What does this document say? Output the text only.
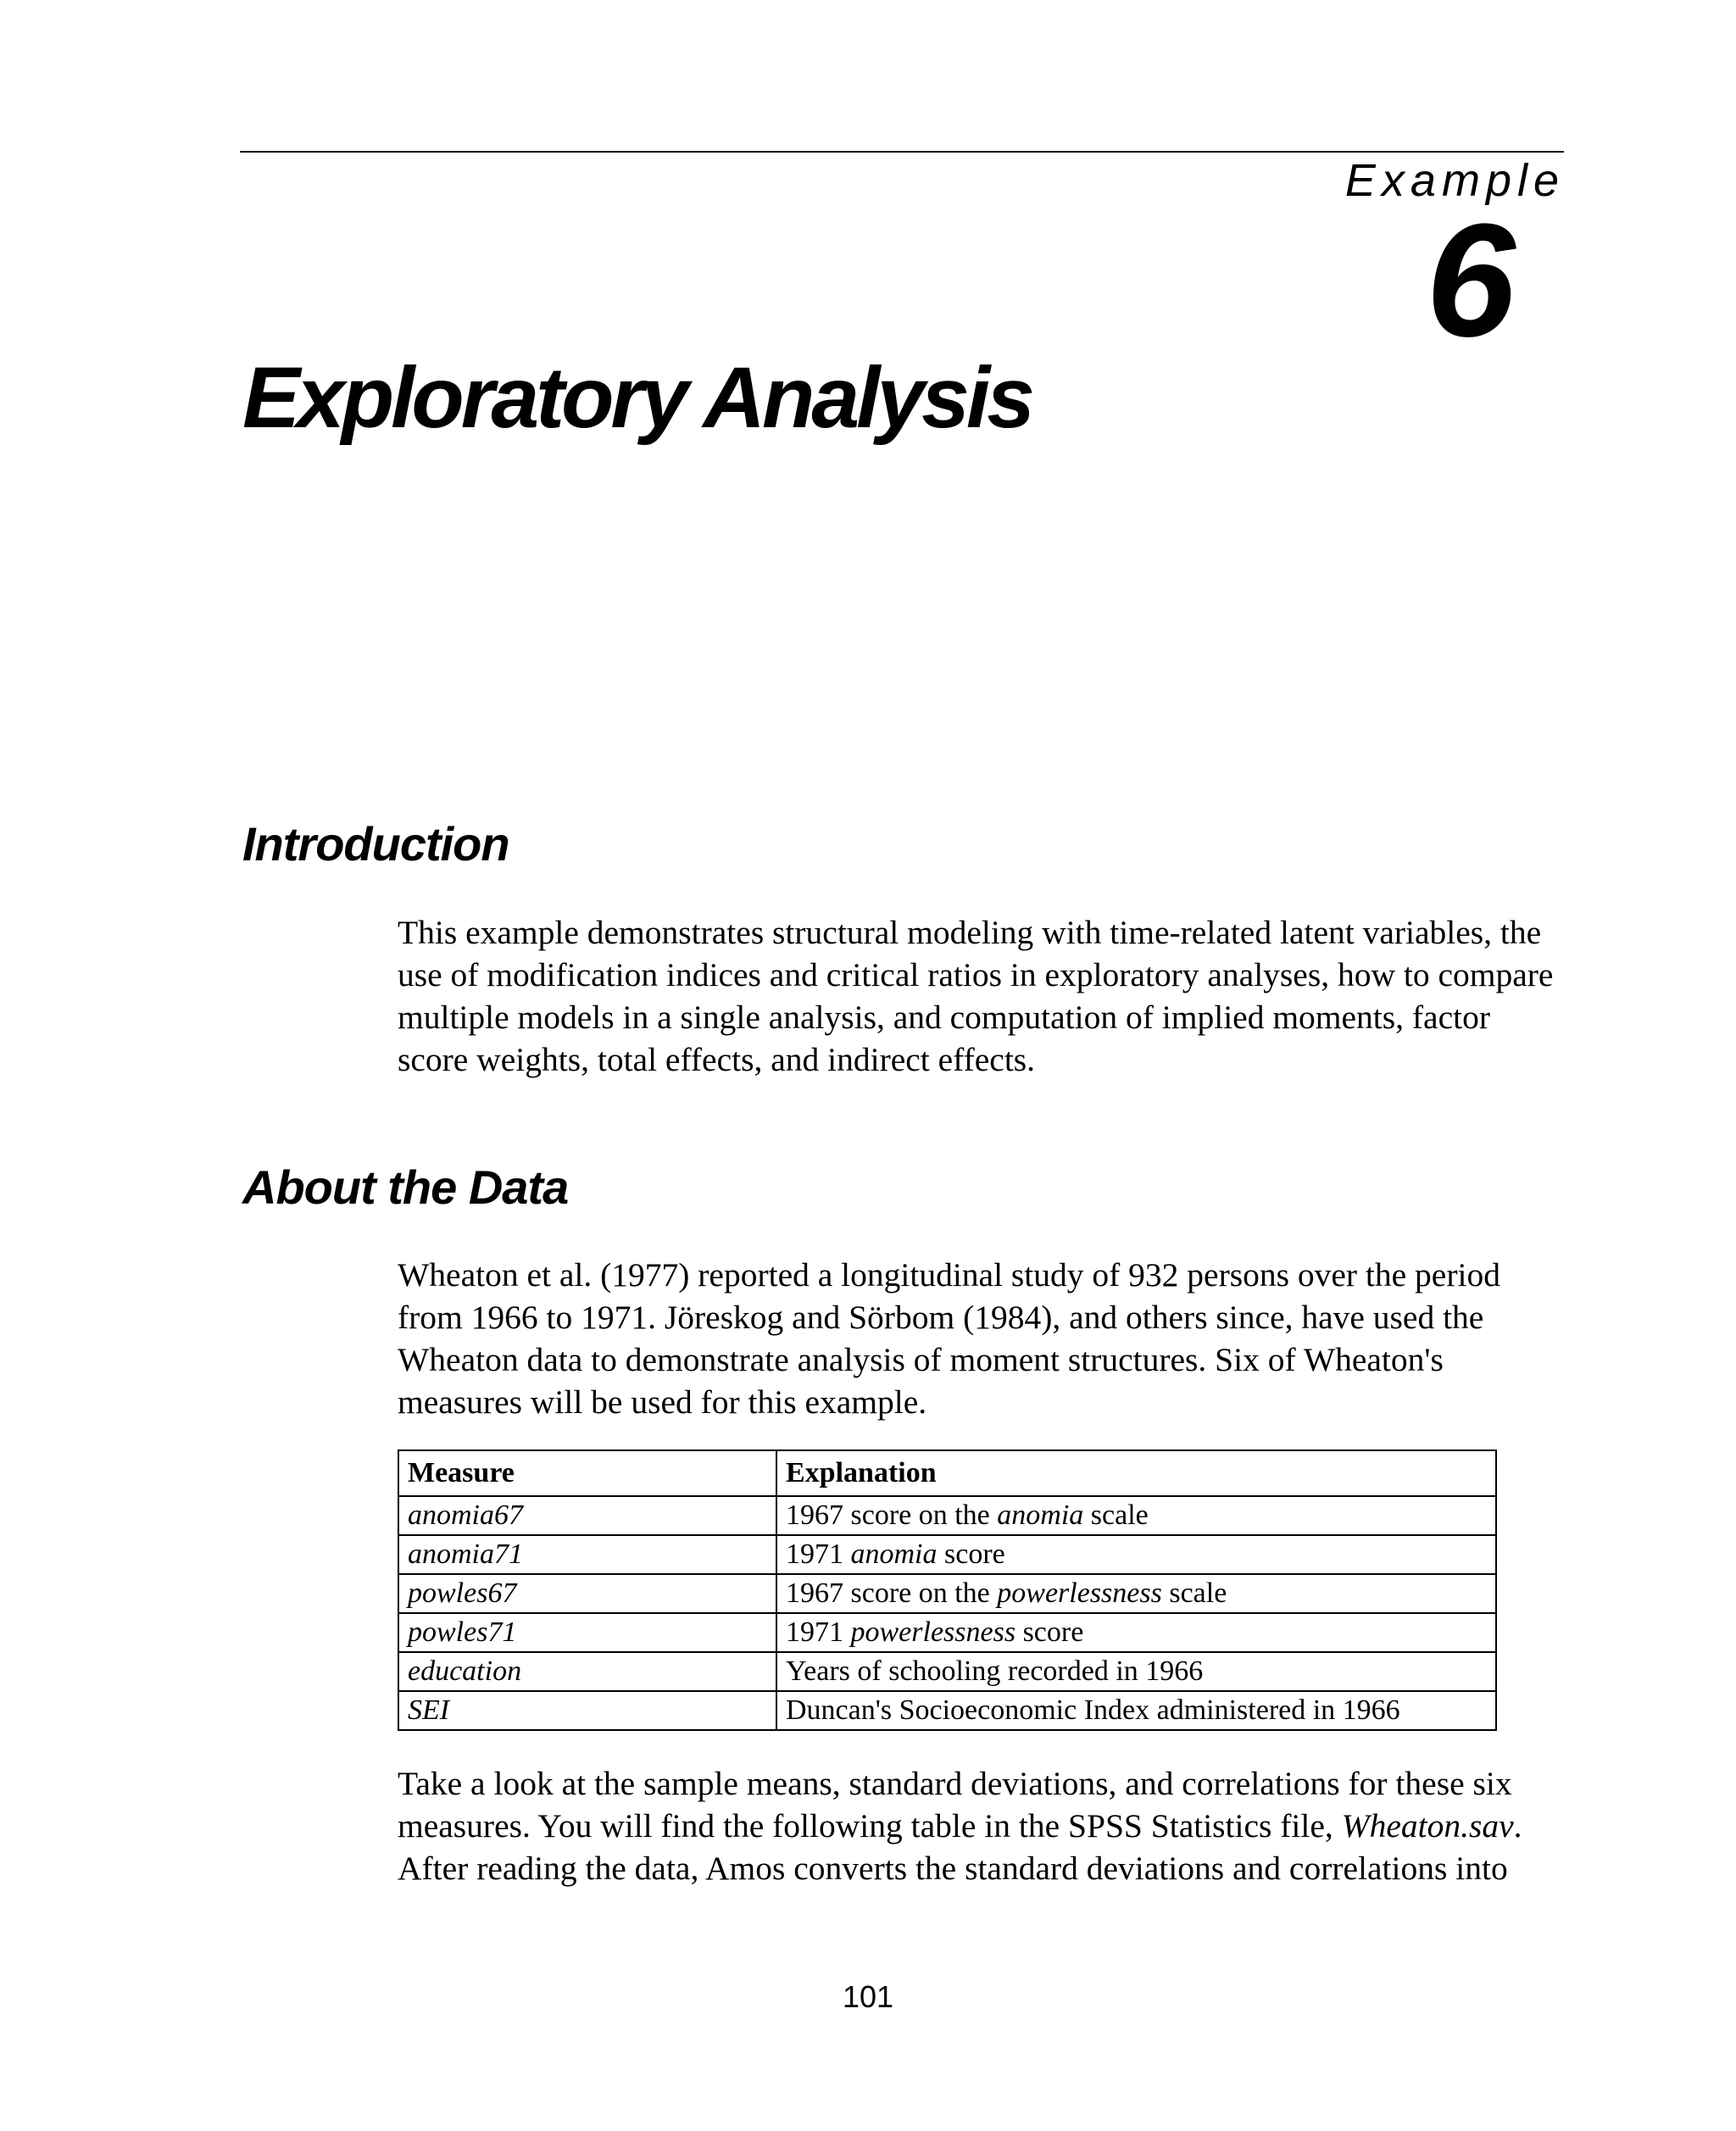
Example
6
Exploratory Analysis
Introduction

This example demonstrates structural modeling with time-related latent variables, the use of modification indices and critical ratios in exploratory analyses, how to compare multiple models in a single analysis, and computation of implied moments, factor score weights, total effects, and indirect effects.

About the Data

Wheaton et al. (1977) reported a longitudinal study of 932 persons over the period from 1966 to 1971. Jöreskog and Sörbom (1984), and others since, have used the Wheaton data to demonstrate analysis of moment structures. Six of Wheaton's measures will be used for this example.

Measure	Explanation
anomia67	1967 score on the anomia scale
anomia71	1971 anomia score
powles67	1967 score on the powerlessness scale
powles71	1971 powerlessness score
education	Years of schooling recorded in 1966
SEI	Duncan's Socioeconomic Index administered in 1966

Take a look at the sample means, standard deviations, and correlations for these six measures. You will find the following table in the SPSS Statistics file, Wheaton.sav. After reading the data, Amos converts the standard deviations and correlations into

101
